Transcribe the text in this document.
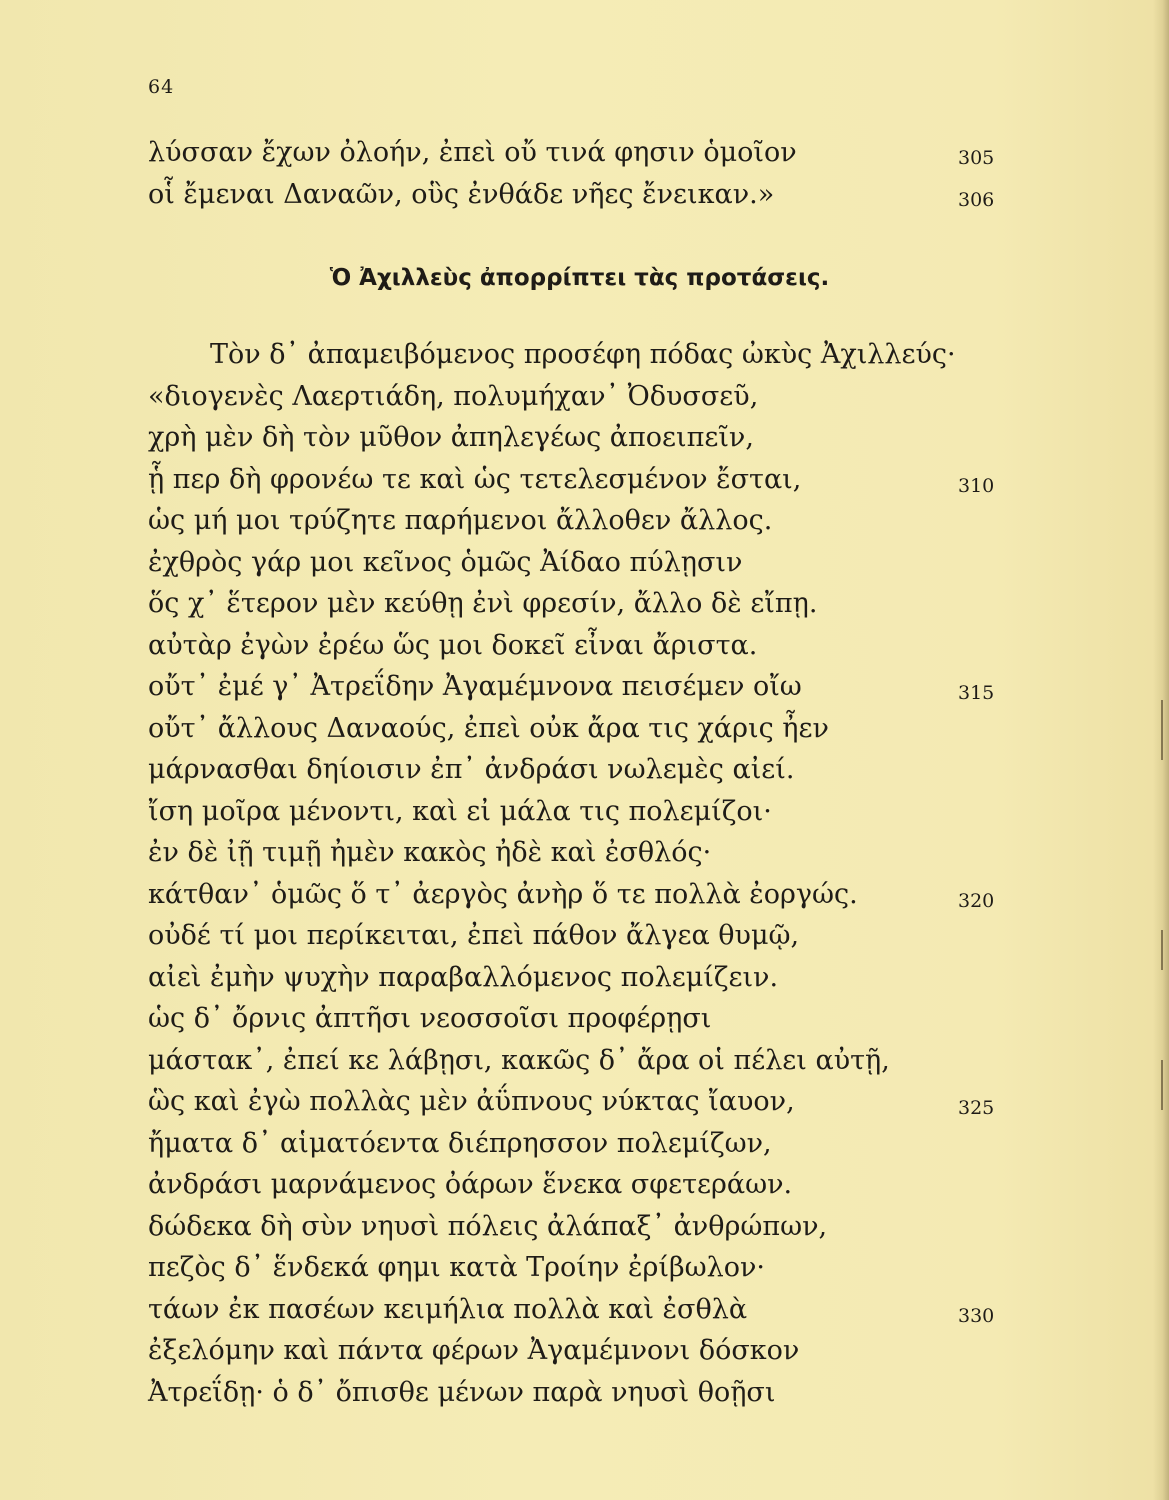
64
λύσσαν ἔχων ὀλοήν, ἐπεὶ οὔ τινά φησιν ὁμοῖον	305
οἷ ἔμεναι Δαναῶν, οὓς ἐνθάδε νῆες ἔνεικαν.»	306
Ὁ Ἀχιλλεὺς ἀπορρίπτει τὰς προτάσεις.
Τὸν δ᾽ ἀπαμειβόμενος προσέφη πόδας ὠκὺς Ἀχιλλεύς·
«διογενὲς Λαερτιάδη, πολυμήχαν᾽ Ὀδυσσεῦ,
χρὴ μὲν δὴ τὸν μῦθον ἀπηλεγέως ἀποειπεῖν,
ᾗ περ δὴ φρονέω τε καὶ ὡς τετελεσμένον ἔσται,	310
ὡς μή μοι τρύζητε παρήμενοι ἄλλοθεν ἄλλος.
ἐχθρὸς γάρ μοι κεῖνος ὁμῶς Ἀίδαο πύλῃσιν
ὅς χ᾽ ἕτερον μὲν κεύθῃ ἐνὶ φρεσίν, ἄλλο δὲ εἴπῃ.
αὐτὰρ ἐγὼν ἐρέω ὥς μοι δοκεῖ εἶναι ἄριστα.
οὔτ᾽ ἐμέ γ᾽ Ἀτρεΐδην Ἀγαμέμνονα πεισέμεν οἴω	315
οὔτ᾽ ἄλλους Δαναούς, ἐπεὶ οὐκ ἄρα τις χάρις ἦεν
μάρνασθαι δηίοισιν ἐπ᾽ ἀνδράσι νωλεμὲς αἰεί.
ἴση μοῖρα μένοντι, καὶ εἰ μάλα τις πολεμίζοι·
ἐν δὲ ἰῇ τιμῇ ἠμὲν κακὸς ἠδὲ καὶ ἐσθλός·
κάτθαν᾽ ὁμῶς ὅ τ᾽ ἀεργὸς ἀνὴρ ὅ τε πολλὰ ἐοργώς.	320
οὐδέ τί μοι περίκειται, ἐπεὶ πάθον ἄλγεα θυμῷ,
αἰεὶ ἐμὴν ψυχὴν παραβαλλόμενος πολεμίζειν.
ὡς δ᾽ ὄρνις ἀπτῆσι νεοσσοῖσι προφέρῃσι
μάστακ᾽, ἐπεί κε λάβῃσι, κακῶς δ᾽ ἄρα οἱ πέλει αὐτῇ,
ὣς καὶ ἐγὼ πολλὰς μὲν ἀΰπνους νύκτας ἴαυον,	325
ἤματα δ᾽ αἱματόεντα διέπρησσον πολεμίζων,
ἀνδράσι μαρνάμενος ὀάρων ἕνεκα σφετεράων.
δώδεκα δὴ σὺν νηυσὶ πόλεις ἀλάπαξ᾽ ἀνθρώπων,
πεζὸς δ᾽ ἕνδεκά φημι κατὰ Τροίην ἐρίβωλον·
τάων ἐκ πασέων κειμήλια πολλὰ καὶ ἐσθλὰ	330
ἐξελόμην καὶ πάντα φέρων Ἀγαμέμνονι δόσκον
Ἀτρεΐδῃ· ὁ δ᾽ ὄπισθε μένων παρὰ νηυσὶ θοῇσι
